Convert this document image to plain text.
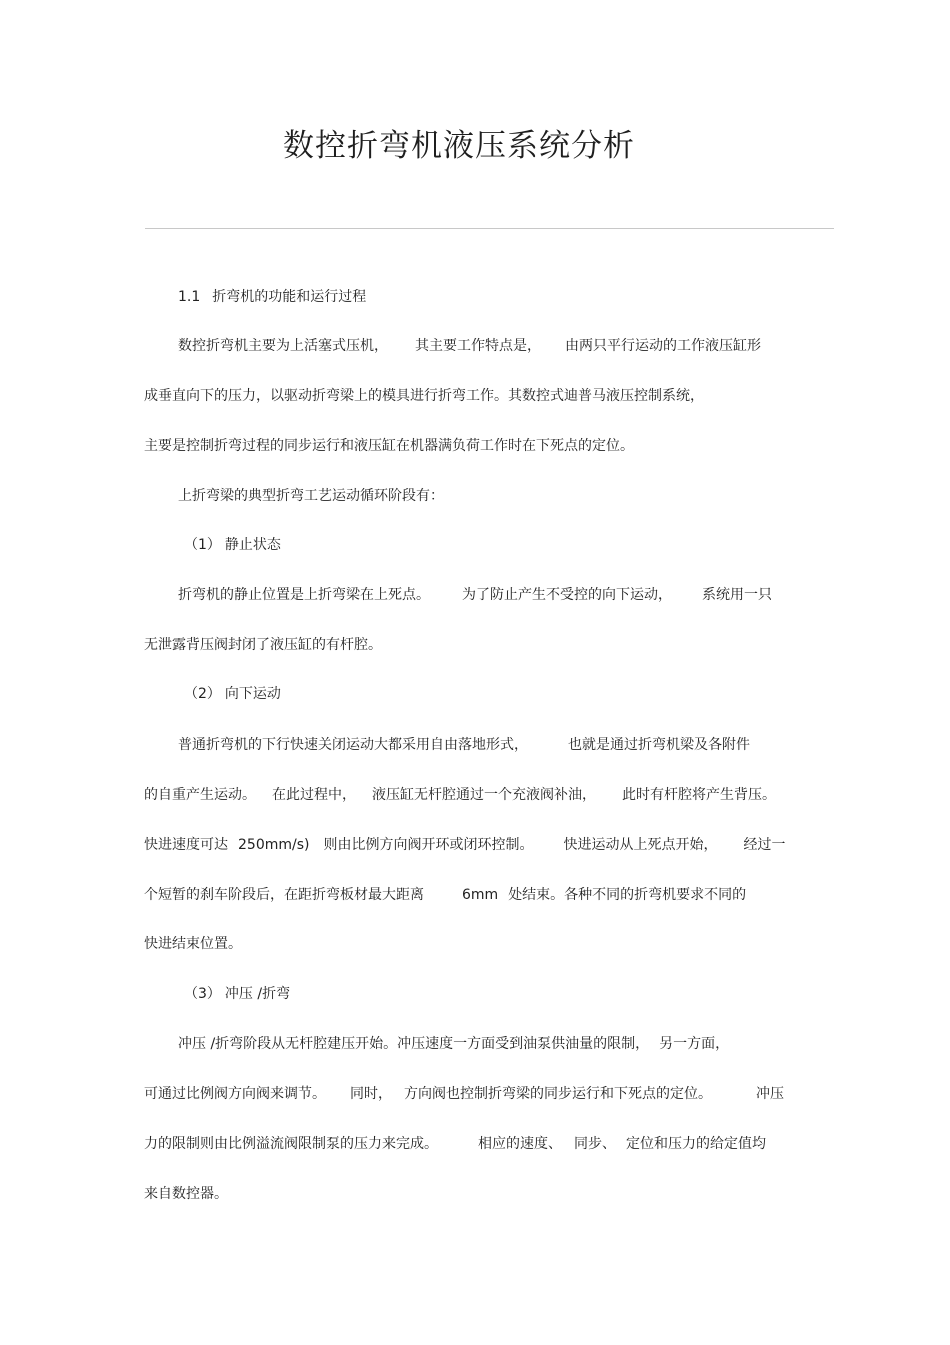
数控折弯机液压系统分析
1.1 折弯机的功能和运行过程
数控折弯机主要为上活塞式压机， 其主要工作特点是， 由两只平行运动的工作液压缸形
成垂直向下的压力，以驱动折弯梁上的模具进行折弯工作。其数控式迪普马液压控制系统，
主要是控制折弯过程的同步运行和液压缸在机器满负荷工作时在下死点的定位。
上折弯梁的典型折弯工艺运动循环阶段有：
（1） 静止状态
折弯机的静止位置是上折弯梁在上死点。 为了防止产生不受控的向下运动， 系统用一只
无泄露背压阀封闭了液压缸的有杆腔。
（2） 向下运动
普通折弯机的下行快速关闭运动大都采用自由落地形式，	也就是通过折弯机梁及各附件
的自重产生运动。 在此过程中， 液压缸无杆腔通过一个充液阀补油， 此时有杆腔将产生背压。
快进速度可达 250mm/s) 则由比例方向阀开环或闭环控制。 快进运动从上死点开始， 经过一
个短暂的刹车阶段后，在距折弯板材最大距离	6mm 处结束。各种不同的折弯机要求不同的
快进结束位置。
（3） 冲压 /折弯
冲压 /折弯阶段从无杆腔建压开始。冲压速度一方面受到油泵供油量的限制， 另一方面，
可通过比例阀方向阀来调节。 同时， 方向阀也控制折弯梁的同步运行和下死点的定位。	冲压
力的限制则由比例溢流阀限制泵的压力来完成。	相应的速度、 同步、 定位和压力的给定值均
来自数控器。
